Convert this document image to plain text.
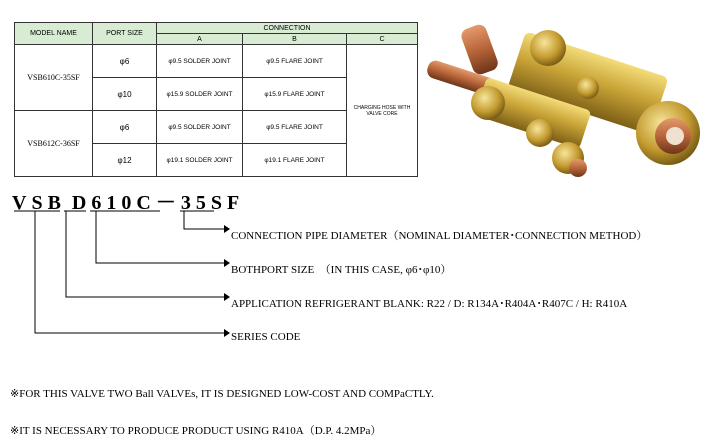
MODEL NAME	PORT SIZE	CONNECTION		
		A	B	C
VSB610C-35SF	φ6	φ9.5 SOLDER JOINT	φ9.5 FLARE JOINT	CHARGING HOSE WITH VALVE CORE
	φ10	φ15.9 SOLDER JOINT	φ15.9 FLARE JOINT	
VSB612C-36SF	φ6	φ9.5 SOLDER JOINT	φ9.5 FLARE JOINT	
	φ12	φ19.1 SOLDER JOINT	φ19.1 FLARE JOINT	
VSB D610C－35SF
CONNECTION PIPE DIAMETER（NOMINAL DIAMETER･CONNECTION METHOD）
BOTHPORT SIZE　（IN THIS CASE, φ6･φ10）
APPLICATION REFRIGERANT BLANK: R22 / D: R134A･R404A･R407C / H: R410A
SERIES CODE
※FOR THIS VALVE TWO Ball VALVEs, IT IS DESIGNED LOW-COST AND COMPaCTLY.
※IT IS NECESSARY TO PRODUCE PRODUCT USING R410A（D.P. 4.2MPa）
